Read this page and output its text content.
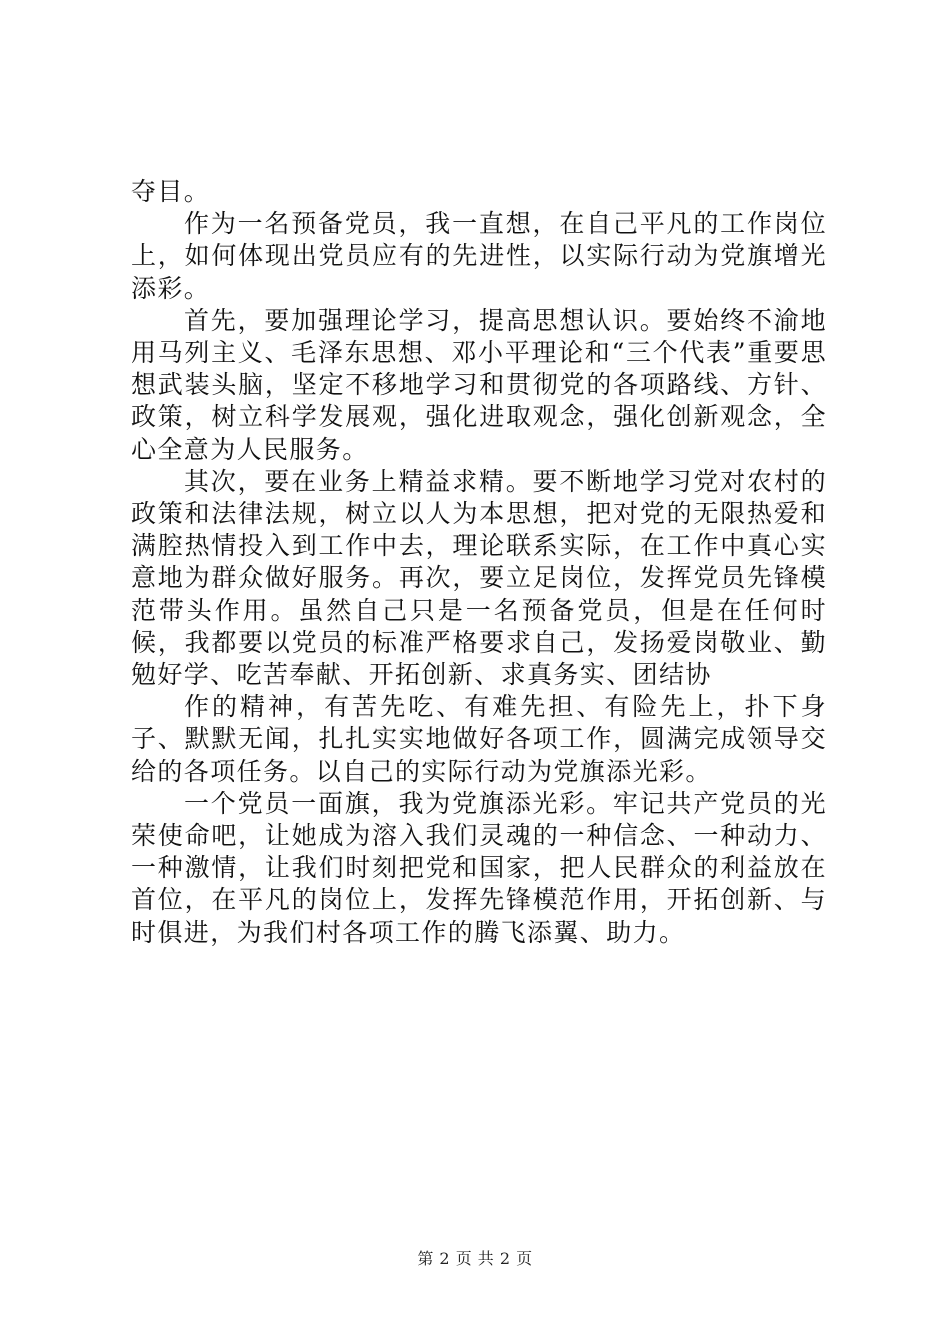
夺目。

作为一名预备党员，我一直想，在自己平凡的工作岗位上，如何体现出党员应有的先进性，以实际行动为党旗增光添彩。

首先，要加强理论学习，提高思想认识。要始终不渝地用马列主义、毛泽东思想、邓小平理论和“三个代表”重要思想武装头脑，坚定不移地学习和贯彻党的各项路线、方针、政策，树立科学发展观，强化进取观念，强化创新观念，全心全意为人民服务。

其次，要在业务上精益求精。要不断地学习党对农村的政策和法律法规，树立以人为本思想，把对党的无限热爱和满腔热情投入到工作中去，理论联系实际，在工作中真心实意地为群众做好服务。再次，要立足岗位，发挥党员先锋模范带头作用。虽然自己只是一名预备党员，但是在任何时候，我都要以党员的标准严格要求自己，发扬爱岗敬业、勤勉好学、吃苦奉献、开拓创新、求真务实、团结协

作的精神，有苦先吃、有难先担、有险先上，扑下身子、默默无闻，扎扎实实地做好各项工作，圆满完成领导交给的各项任务。以自己的实际行动为党旗添光彩。

一个党员一面旗，我为党旗添光彩。牢记共产党员的光荣使命吧，让她成为溶入我们灵魂的一种信念、一种动力、一种激情，让我们时刻把党和国家，把人民群众的利益放在首位，在平凡的岗位上，发挥先锋模范作用，开拓创新、与时俱进，为我们村各项工作的腾飞添翼、助力。

第 2 页 共 2 页
